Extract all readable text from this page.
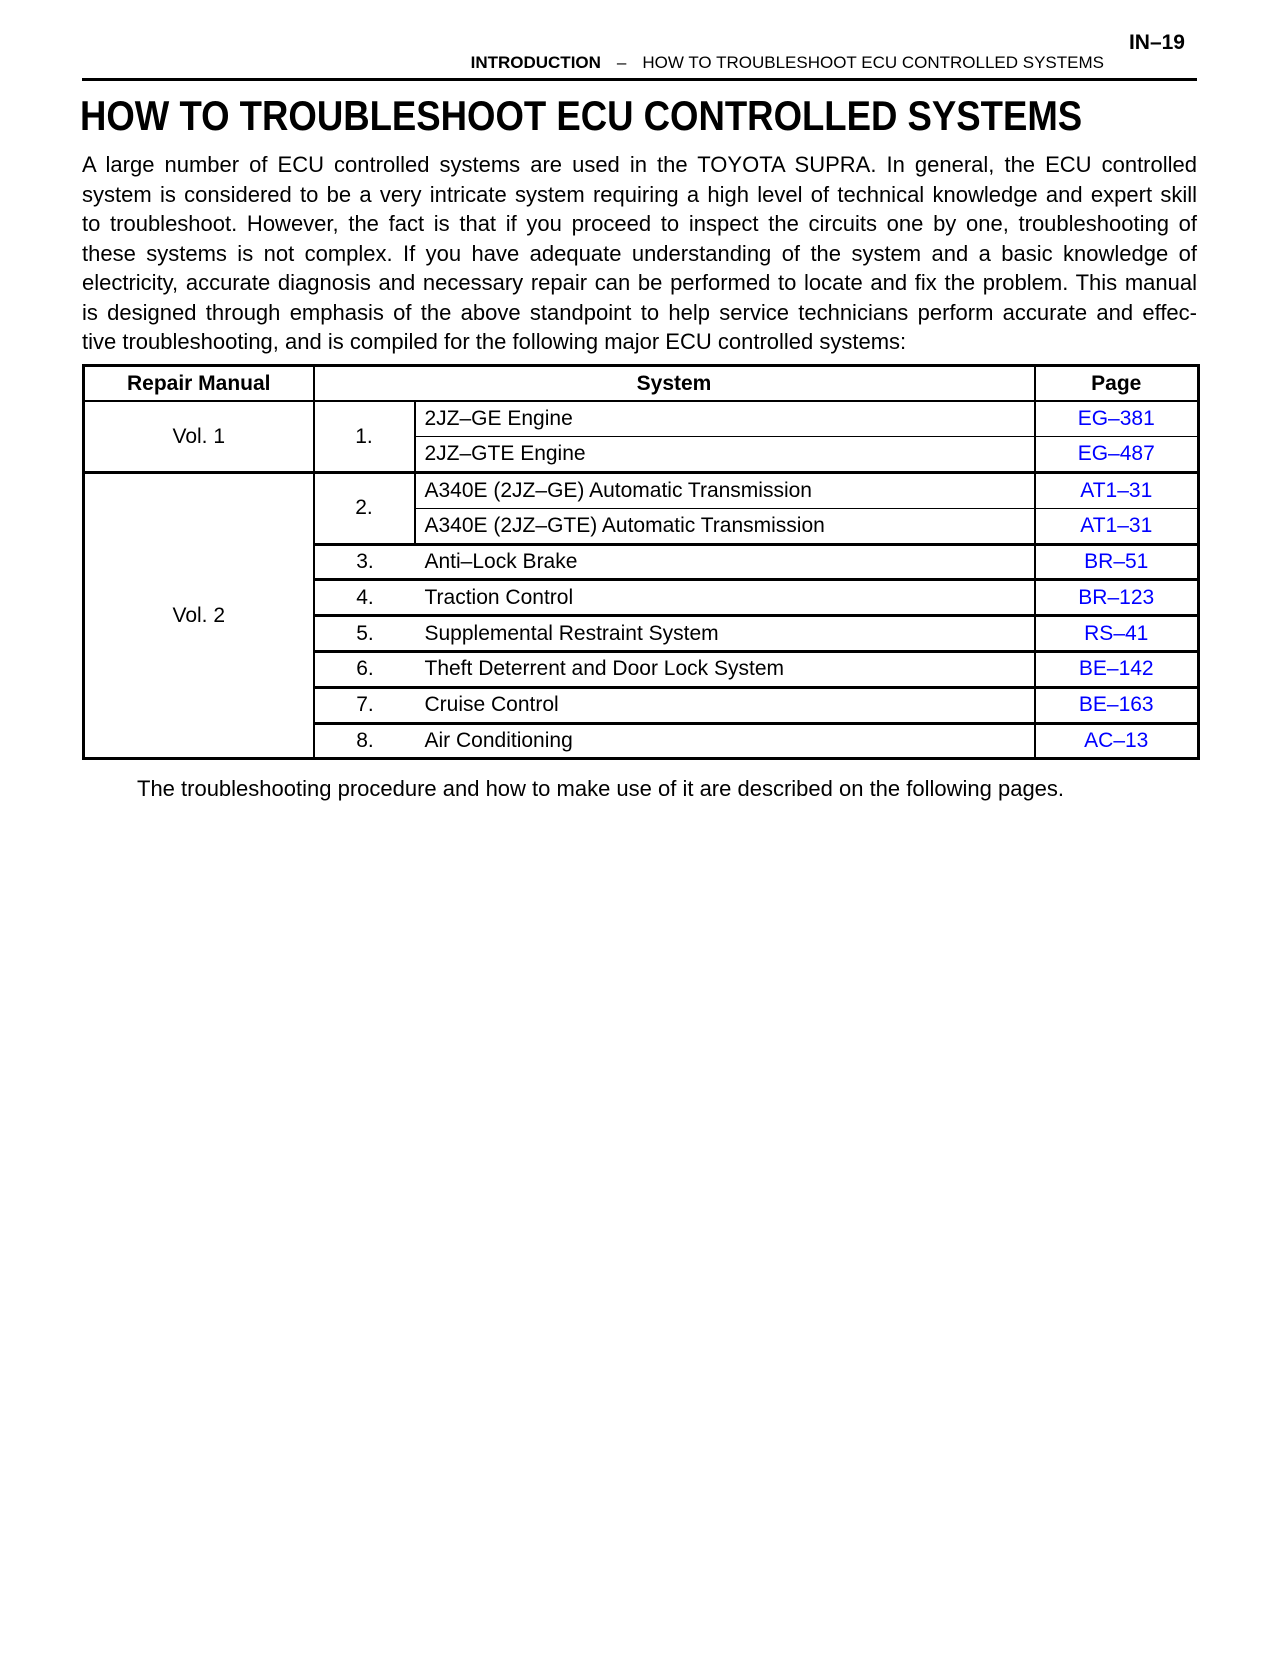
IN–19
INTRODUCTION – HOW TO TROUBLESHOOT ECU CONTROLLED SYSTEMS
HOW TO TROUBLESHOOT ECU CONTROLLED SYSTEMS
A large number of ECU controlled systems are used in the TOYOTA SUPRA. In general, the ECU controlled
system is considered to be a very intricate system requiring a high level of technical knowledge and expert skill
to troubleshoot. However, the fact is that if you proceed to inspect the circuits one by one, troubleshooting of
these systems is not complex. If you have adequate understanding of the system and a basic knowledge of
electricity, accurate diagnosis and necessary repair can be performed to locate and fix the problem. This manual
is designed through emphasis of the above standpoint to help service technicians perform accurate and effec-
tive troubleshooting, and is compiled for the following major ECU controlled systems:
Repair Manual	System		Page
Vol. 1	1.	2JZ–GE Engine	EG–381
		2JZ–GTE Engine	EG–487
Vol. 2	2.	A340E (2JZ–GE) Automatic Transmission	AT1–31
		A340E (2JZ–GTE) Automatic Transmission	AT1–31

	3. Anti–Lock Brake		BR–51

	4. Traction Control		BR–123

	5. Supplemental Restraint System		RS–41

	6. Theft Deterrent and Door Lock System		BE–142

	7. Cruise Control		BE–163

	8. Air Conditioning		AC–13
The troubleshooting procedure and how to make use of it are described on the following pages.
